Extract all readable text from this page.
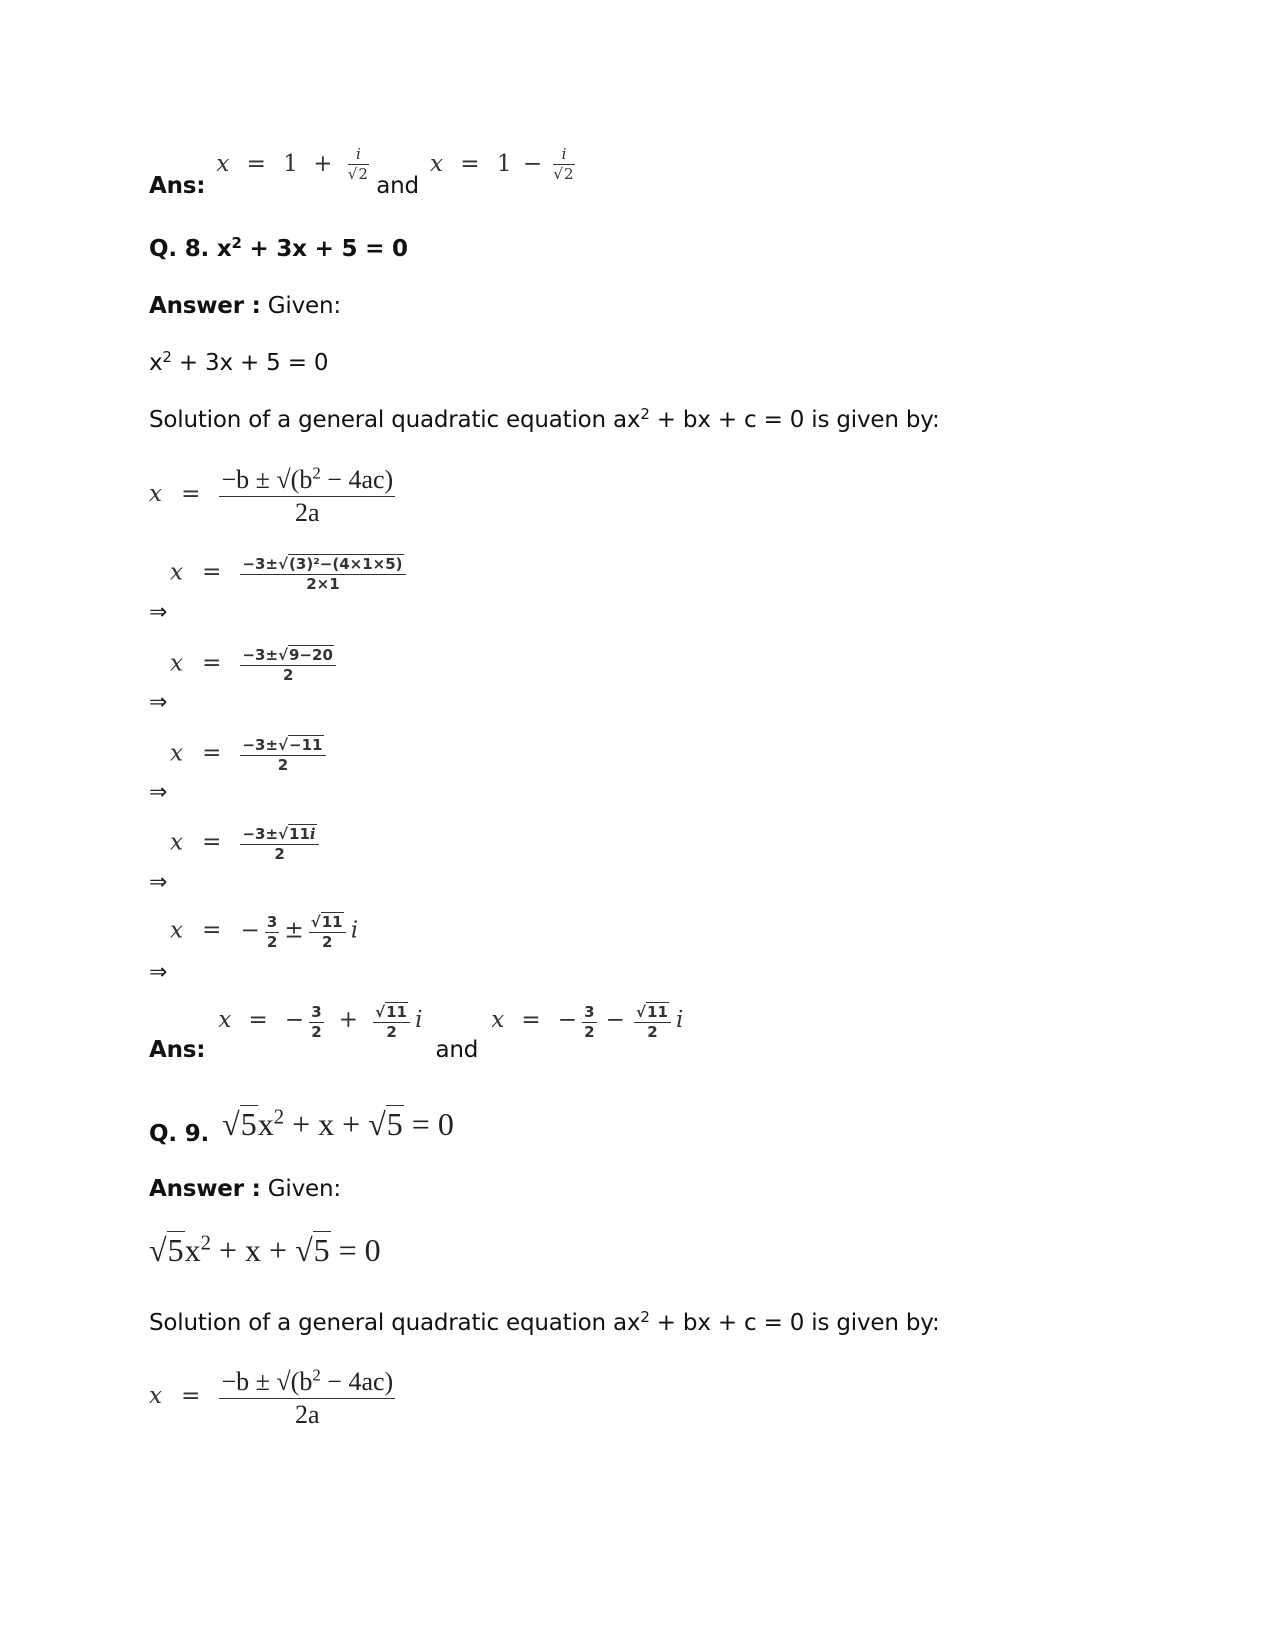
Ans: $x = 1 + \frac{i}{√2}$
and $x = 1 - \frac{i}{√2}$
Q. 8. $x^2 + 3x + 5 = 0$
Answer : Given:
$x^2 + 3x + 5 = 0$
Solution of a general quadratic equation $ax^2$ + bx + c = 0 is given by:
$x = \frac{-b \pm √(b^2 - 4ac)}{2a}$
⇒
$x = \frac{\text{−3±√(3)²−(4×1×5)}}{2\times 1}$
⇒
$x = \frac{-3\pm√9-20}{2}$
⇒
$x = \frac{-3\pm√-11}{2}$
⇒
$x = \frac{-3\pm√11i}{2}$
⇒
x = − $\frac{3}{2} \pm \frac{√11}{2}$ i
Ans: x = − $\frac{3}{2} + \frac{√11}{2}$ i and x = − $\frac{3}{2} - \frac{√11}{2}$ i
Q. 9. $√5x^2 + x + √5 = 0$
Answer : Given:
$√5x^2 + x + √5 = 0$
Solution of a general quadratic equation $ax^2$ + bx + c = 0 is given by:
$x = \frac{-b \pm √(b^2 - 4ac)}{2a}$
